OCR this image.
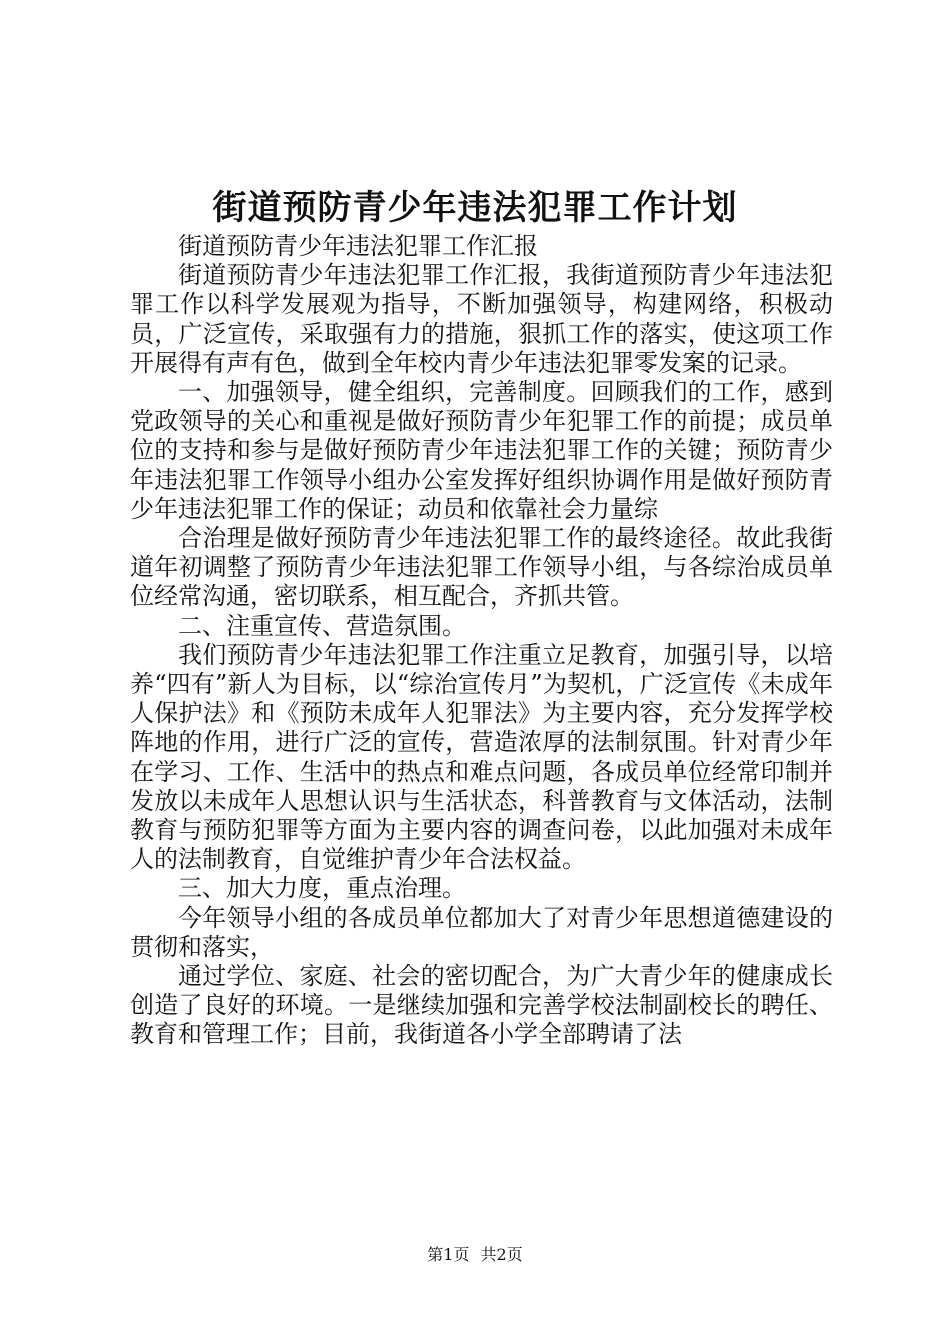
街道预防青少年违法犯罪工作计划

街道预防青少年违法犯罪工作汇报

街道预防青少年违法犯罪工作汇报，我街道预防青少年违法犯罪工作以科学发展观为指导，不断加强领导，构建网络，积极动员，广泛宣传，采取强有力的措施，狠抓工作的落实，使这项工作开展得有声有色，做到全年校内青少年违法犯罪零发案的记录。

一、加强领导，健全组织，完善制度。回顾我们的工作，感到党政领导的关心和重视是做好预防青少年犯罪工作的前提；成员单位的支持和参与是做好预防青少年违法犯罪工作的关键；预防青少年违法犯罪工作领导小组办公室发挥好组织协调作用是做好预防青少年违法犯罪工作的保证；动员和依靠社会力量综

合治理是做好预防青少年违法犯罪工作的最终途径。故此我街道年初调整了预防青少年违法犯罪工作领导小组，与各综治成员单位经常沟通，密切联系，相互配合，齐抓共管。

二、注重宣传、营造氛围。

我们预防青少年违法犯罪工作注重立足教育，加强引导，以培养“四有”新人为目标，以“综治宣传月”为契机，广泛宣传《未成年人保护法》和《预防未成年人犯罪法》为主要内容，充分发挥学校阵地的作用，进行广泛的宣传，营造浓厚的法制氛围。针对青少年在学习、工作、生活中的热点和难点问题，各成员单位经常印制并发放以未成年人思想认识与生活状态，科普教育与文体活动，法制教育与预防犯罪等方面为主要内容的调查问卷，以此加强对未成年人的法制教育，自觉维护青少年合法权益。

三、加大力度，重点治理。

今年领导小组的各成员单位都加大了对青少年思想道德建设的贯彻和落实，

通过学位、家庭、社会的密切配合，为广大青少年的健康成长创造了良好的环境。一是继续加强和完善学校法制副校长的聘任、教育和管理工作；目前，我街道各小学全部聘请了法

第1页 共2页
